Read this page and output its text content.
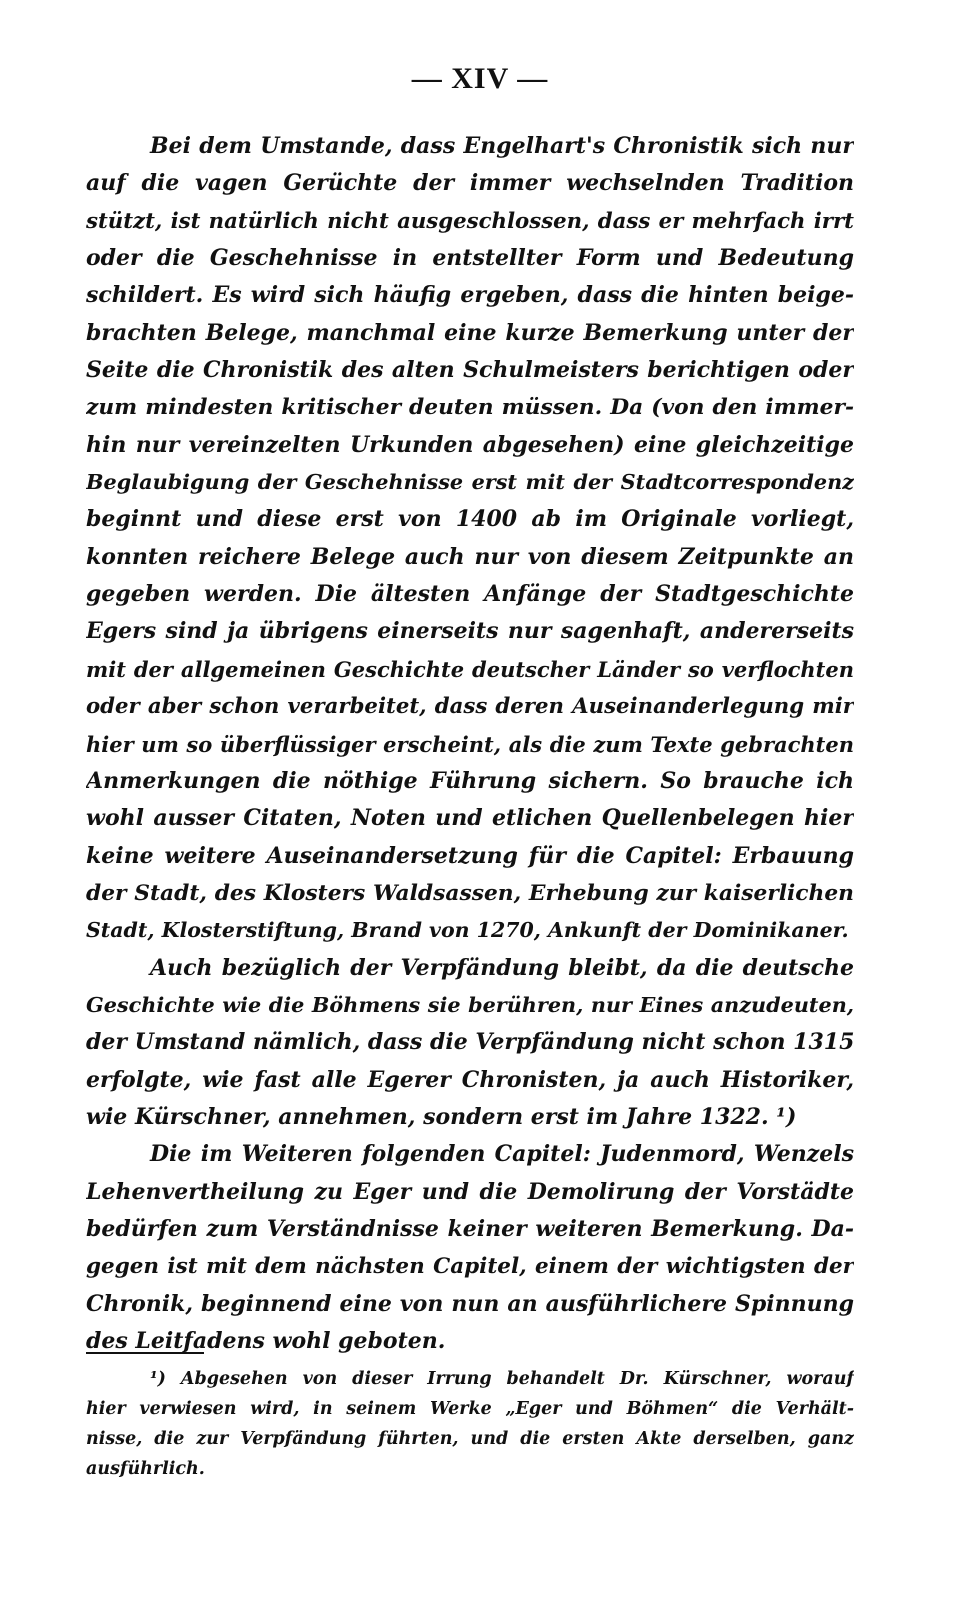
— XIV —
Bei dem Umstande, dass Engelhart's Chronistik sich nur
auf die vagen Gerüchte der immer wechselnden Tradition
stützt, ist natürlich nicht ausgeschlossen, dass er mehrfach irrt
oder die Geschehnisse in entstellter Form und Bedeutung
schildert. Es wird sich häufig ergeben, dass die hinten beige-
brachten Belege, manchmal eine kurze Bemerkung unter der
Seite die Chronistik des alten Schulmeisters berichtigen oder
zum mindesten kritischer deuten müssen. Da (von den immer-
hin nur vereinzelten Urkunden abgesehen) eine gleichzeitige
Beglaubigung der Geschehnisse erst mit der Stadtcorrespondenz
beginnt und diese erst von 1400 ab im Originale vorliegt,
konnten reichere Belege auch nur von diesem Zeitpunkte an
gegeben werden. Die ältesten Anfänge der Stadtgeschichte
Egers sind ja übrigens einerseits nur sagenhaft, andererseits
mit der allgemeinen Geschichte deutscher Länder so verflochten
oder aber schon verarbeitet, dass deren Auseinanderlegung mir
hier um so überflüssiger erscheint, als die zum Texte gebrachten
Anmerkungen die nöthige Führung sichern. So brauche ich
wohl ausser Citaten, Noten und etlichen Quellenbelegen hier
keine weitere Auseinandersetzung für die Capitel: Erbauung
der Stadt, des Klosters Waldsassen, Erhebung zur kaiserlichen
Stadt, Klosterstiftung, Brand von 1270, Ankunft der Dominikaner.
Auch bezüglich der Verpfändung bleibt, da die deutsche
Geschichte wie die Böhmens sie berühren, nur Eines anzudeuten,
der Umstand nämlich, dass die Verpfändung nicht schon 1315
erfolgte, wie fast alle Egerer Chronisten, ja auch Historiker,
wie Kürschner, annehmen, sondern erst im Jahre 1322. ¹)
Die im Weiteren folgenden Capitel: Judenmord, Wenzels
Lehenvertheilung zu Eger und die Demolirung der Vorstädte
bedürfen zum Verständnisse keiner weiteren Bemerkung. Da-
gegen ist mit dem nächsten Capitel, einem der wichtigsten der
Chronik, beginnend eine von nun an ausführlichere Spinnung
des Leitfadens wohl geboten.
¹) Abgesehen von dieser Irrung behandelt Dr. Kürschner, worauf
hier verwiesen wird, in seinem Werke „Eger und Böhmen“ die Verhält-
nisse, die zur Verpfändung führten, und die ersten Akte derselben, ganz
ausführlich.
